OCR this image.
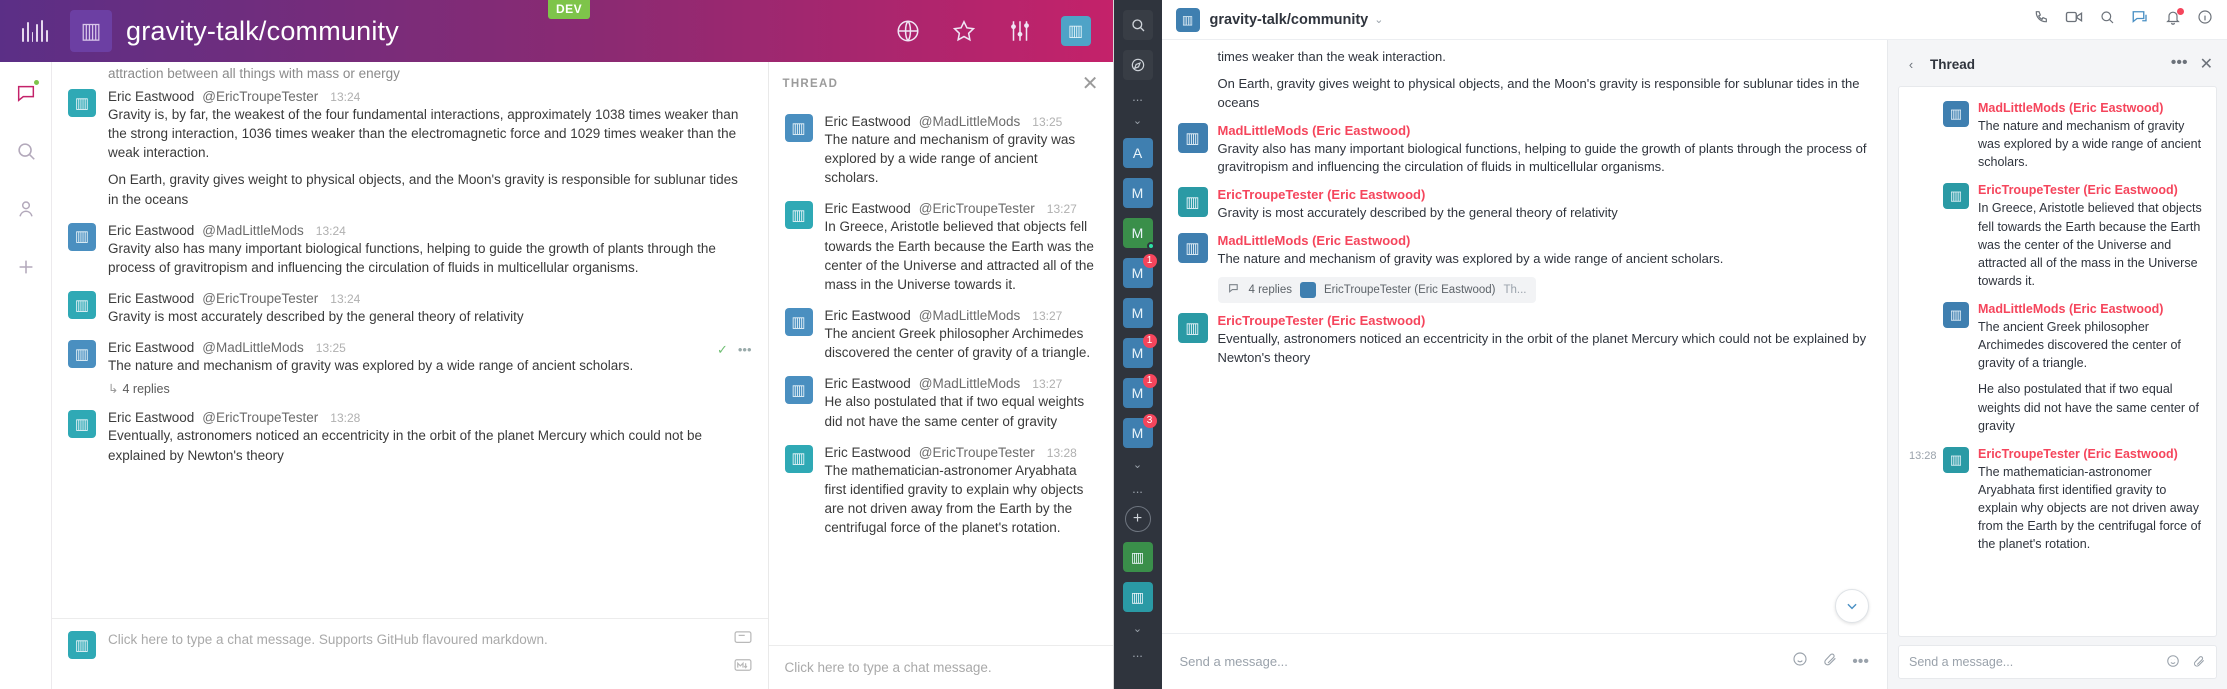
▥ gravity-talk/community
DEV
▥
attraction between all things with mass or energy
▥ Eric Eastwood @EricTroupeTester 13:24

Gravity is, by far, the weakest of the four fundamental interactions, approximately 1038 times weaker than the strong interaction, 1036 times weaker than the electromagnetic force and 1029 times weaker than the weak interaction.

On Earth, gravity gives weight to physical objects, and the Moon's gravity is responsible for sublunar tides in the oceans

▥ Eric Eastwood @MadLittleMods 13:24

Gravity also has many important biological functions, helping to guide the growth of plants through the process of gravitropism and influencing the circulation of fluids in multicellular organisms.

▥ Eric Eastwood @EricTroupeTester 13:24

Gravity is most accurately described by the general theory of relativity

▥ Eric Eastwood @MadLittleMods 13:25

The nature and mechanism of gravity was explored by a wide range of ancient scholars.

↳ 4 replies
✓ •••
▥ Eric Eastwood @EricTroupeTester 13:28

Eventually, astronomers noticed an eccentricity in the orbit of the planet Mercury which could not be explained by Newton's theory

▥ Click here to type a chat message. Supports GitHub flavoured markdown.
THREAD	✕
▥ Eric Eastwood @MadLittleMods 13:25
The nature and mechanism of gravity was explored by a wide range of ancient scholars.
▥ Eric Eastwood @EricTroupeTester 13:27
In Greece, Aristotle believed that objects fell towards the Earth because the Earth was the center of the Universe and attracted all of the mass in the Universe towards it.
▥ Eric Eastwood @MadLittleMods 13:27
The ancient Greek philosopher Archimedes discovered the center of gravity of a triangle.
▥ Eric Eastwood @MadLittleMods 13:27
He also postulated that if two equal weights did not have the same center of gravity
▥ Eric Eastwood @EricTroupeTester 13:28
The mathematician-astronomer Aryabhata first identified gravity to explain why objects are not driven away from the Earth by the centrifugal force of the planet's rotation.
Click here to type a chat message.
...
⌄
A
M
M
M
1
M
M
1
M
1
M
3
⌄
...
+
▥
▥
⌄
...
▥ gravity-talk/community ⌄

times weaker than the weak interaction.

On Earth, gravity gives weight to physical objects, and the Moon's gravity is responsible for sublunar tides in the oceans

▥ MadLittleMods (Eric Eastwood)

Gravity also has many important biological functions, helping to guide the growth of plants through the process of gravitropism and influencing the circulation of fluids in multicellular organisms.

▥ EricTroupeTester (Eric Eastwood)

Gravity is most accurately described by the general theory of relativity

▥ MadLittleMods (Eric Eastwood)

The nature and mechanism of gravity was explored by a wide range of ancient scholars.

4 replies	EricTroupeTester (Eric Eastwood) Th...
▥ EricTroupeTester (Eric Eastwood)

Eventually, astronomers noticed an eccentricity in the orbit of the planet Mercury which could not be explained by Newton's theory

Send a message...	•••
‹	Thread	••• ✕
▥ MadLittleMods (Eric Eastwood)
The nature and mechanism of gravity was explored by a wide range of ancient scholars.
▥ EricTroupeTester (Eric Eastwood)
In Greece, Aristotle believed that objects fell towards the Earth because the Earth was the center of the Universe and attracted all of the mass in the Universe towards it.
▥ MadLittleMods (Eric Eastwood)

The ancient Greek philosopher Archimedes discovered the center of gravity of a triangle.

He also postulated that if two equal weights did not have the same center of gravity

13:28	▥ EricTroupeTester (Eric Eastwood)
The mathematician-astronomer Aryabhata first identified gravity to explain why objects are not driven away from the Earth by the centrifugal force of the planet's rotation.
Send a message...
